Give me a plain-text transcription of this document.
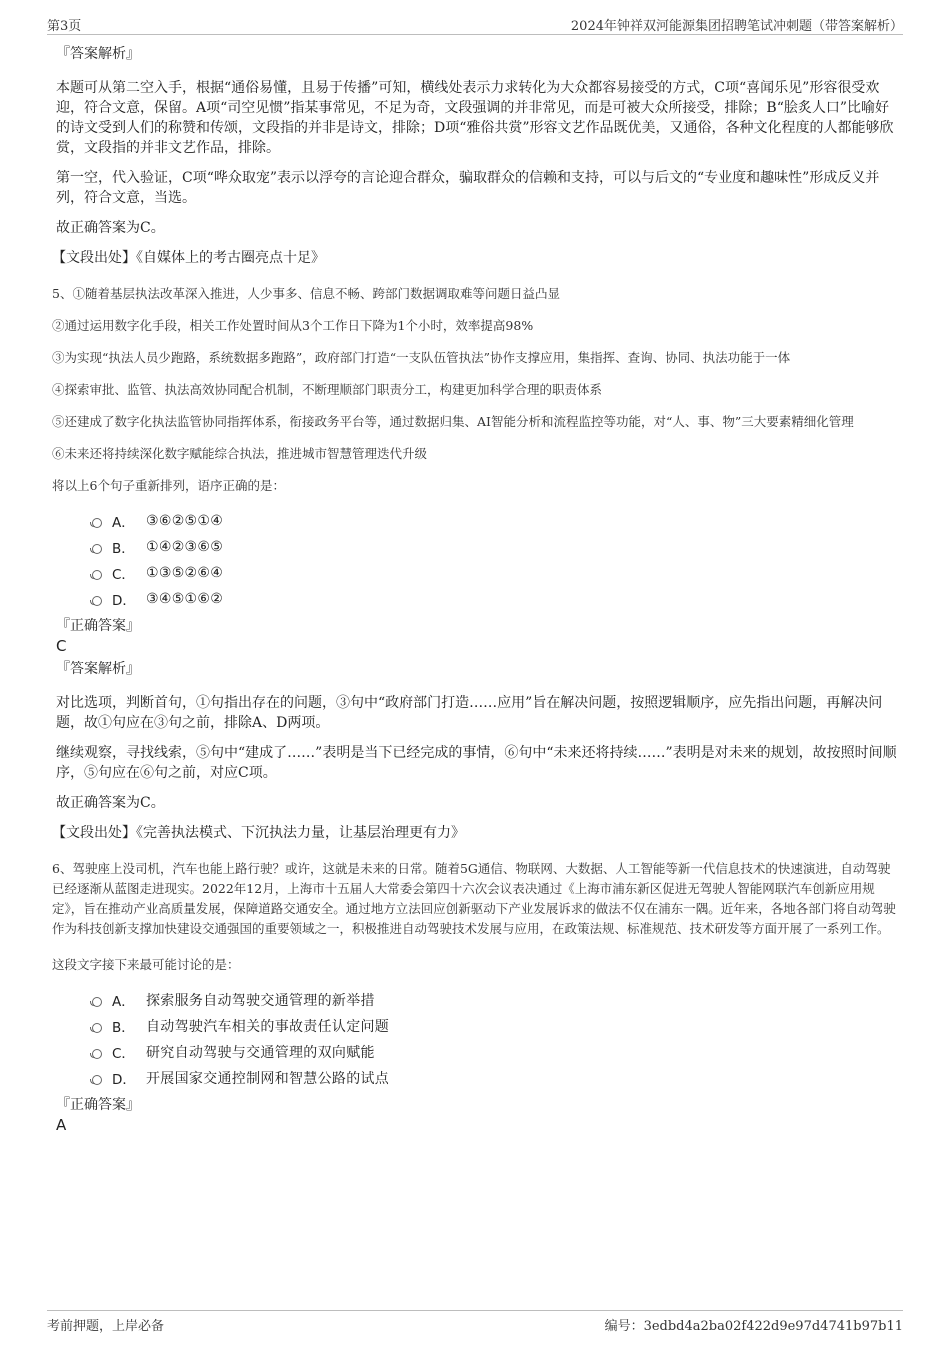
第3页	2024年钟祥双河能源集团招聘笔试冲刺题（带答案解析）

『答案解析』

本题可从第二空入手，根据“通俗易懂，且易于传播”可知，横线处表示力求转化为大众都容易接受的方式，C项“喜闻乐见”形容很受欢迎，符合文意，保留。A项“司空见惯”指某事常见，不足为奇，文段强调的并非常见，而是可被大众所接受，排除；B“脍炙人口”比喻好的诗文受到人们的称赞和传颂，文段指的并非是诗文，排除；D项“雅俗共赏”形容文艺作品既优美，又通俗，各种文化程度的人都能够欣赏，文段指的并非文艺作品，排除。

第一空，代入验证，C项“哗众取宠”表示以浮夸的言论迎合群众，骗取群众的信赖和支持，可以与后文的“专业度和趣味性”形成反义并列，符合文意，当选。

故正确答案为C。

【文段出处】《自媒体上的考古圈亮点十足》

5、①随着基层执法改革深入推进，人少事多、信息不畅、跨部门数据调取难等问题日益凸显

②通过运用数字化手段，相关工作处置时间从3个工作日下降为1个小时，效率提高98%

③为实现“执法人员少跑路，系统数据多跑路”，政府部门打造“一支队伍管执法”协作支撑应用，集指挥、查询、协同、执法功能于一体

④探索审批、监管、执法高效协同配合机制，不断理顺部门职责分工，构建更加科学合理的职责体系

⑤还建成了数字化执法监管协同指挥体系，衔接政务平台等，通过数据归集、AI智能分析和流程监控等功能，对“人、事、物”三大要素精细化管理

⑥未来还将持续深化数字赋能综合执法，推进城市智慧管理迭代升级

将以上6个句子重新排列，语序正确的是：

A． ③⑥②⑤①④
B． ①④②③⑥⑤
C． ①③⑤②⑥④
D． ③④⑤①⑥②

『正确答案』

C

『答案解析』

对比选项，判断首句，①句指出存在的问题，③句中“政府部门打造……应用”旨在解决问题，按照逻辑顺序，应先指出问题，再解决问题，故①句应在③句之前，排除A、D两项。

继续观察，寻找线索，⑤句中“建成了……”表明是当下已经完成的事情，⑥句中“未来还将持续……”表明是对未来的规划，故按照时间顺序，⑤句应在⑥句之前，对应C项。

故正确答案为C。

【文段出处】《完善执法模式、下沉执法力量，让基层治理更有力》

6、驾驶座上没司机，汽车也能上路行驶？或许，这就是未来的日常。随着5G通信、物联网、大数据、人工智能等新一代信息技术的快速演进，自动驾驶已经逐渐从蓝图走进现实。2022年12月，上海市十五届人大常委会第四十六次会议表决通过《上海市浦东新区促进无驾驶人智能网联汽车创新应用规定》，旨在推动产业高质量发展，保障道路交通安全。通过地方立法回应创新驱动下产业发展诉求的做法不仅在浦东一隅。近年来，各地各部门将自动驾驶作为科技创新支撑加快建设交通强国的重要领域之一，积极推进自动驾驶技术发展与应用，在政策法规、标准规范、技术研发等方面开展了一系列工作。

这段文字接下来最可能讨论的是：

A． 探索服务自动驾驶交通管理的新举措
B． 自动驾驶汽车相关的事故责任认定问题
C． 研究自动驾驶与交通管理的双向赋能
D． 开展国家交通控制网和智慧公路的试点

『正确答案』

A

考前押题，上岸必备	编号：3edbd4a2ba02f422d9e97d4741b97b11
